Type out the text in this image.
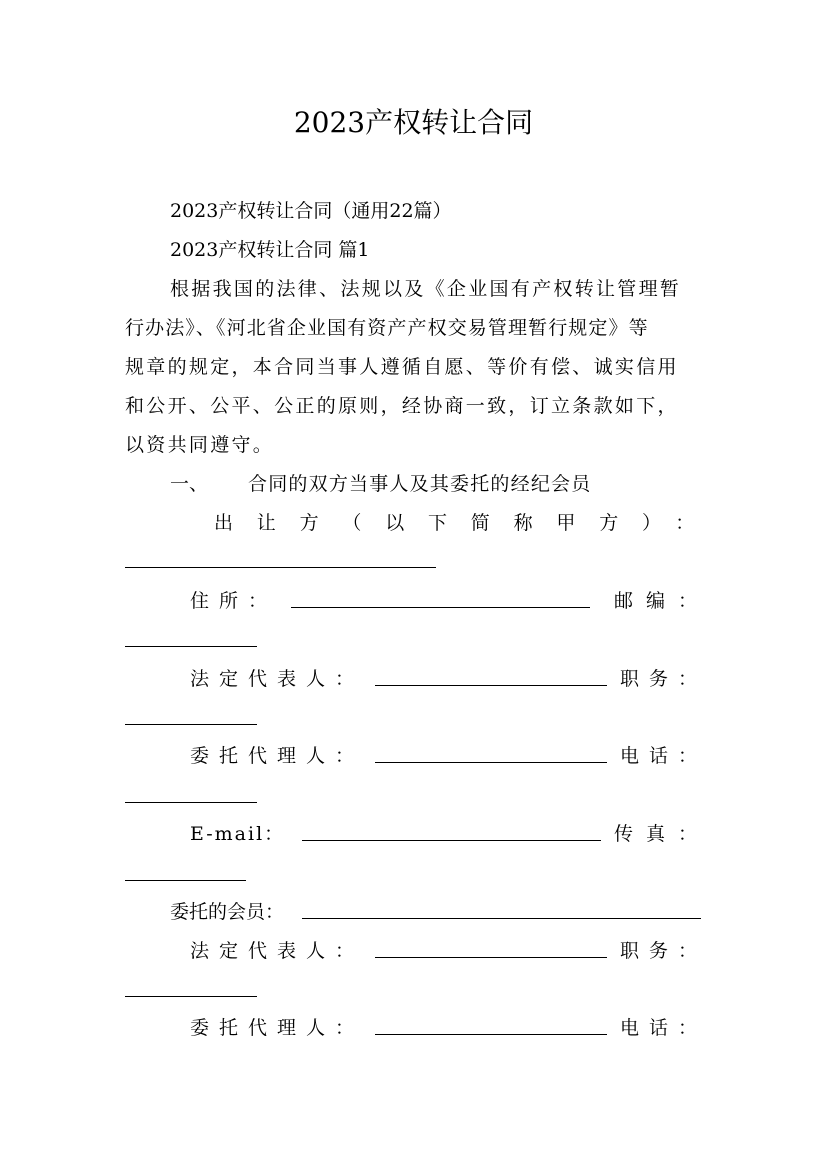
2023产权转让合同
2023产权转让合同（通用22篇）
2023产权转让合同 篇1
根据我国的法律、法规以及《企业国有产权转让管理暂
行办法》、《河北省企业国有资产产权交易管理暂行规定》等
规章的规定，本合同当事人遵循自愿、等价有偿、诚实信用
和公开、公平、公正的原则，经协商一致，订立条款如下，
以资共同遵守。
一、 合同的双方当事人及其委托的经纪会员
出让方（以下简称甲方）：
住所：	邮编：
法定代表人：	职务：
委托代理人：	电话：
E-mail：	传真：
委托的会员：
法定代表人：	职务：
委托代理人：	电话：
